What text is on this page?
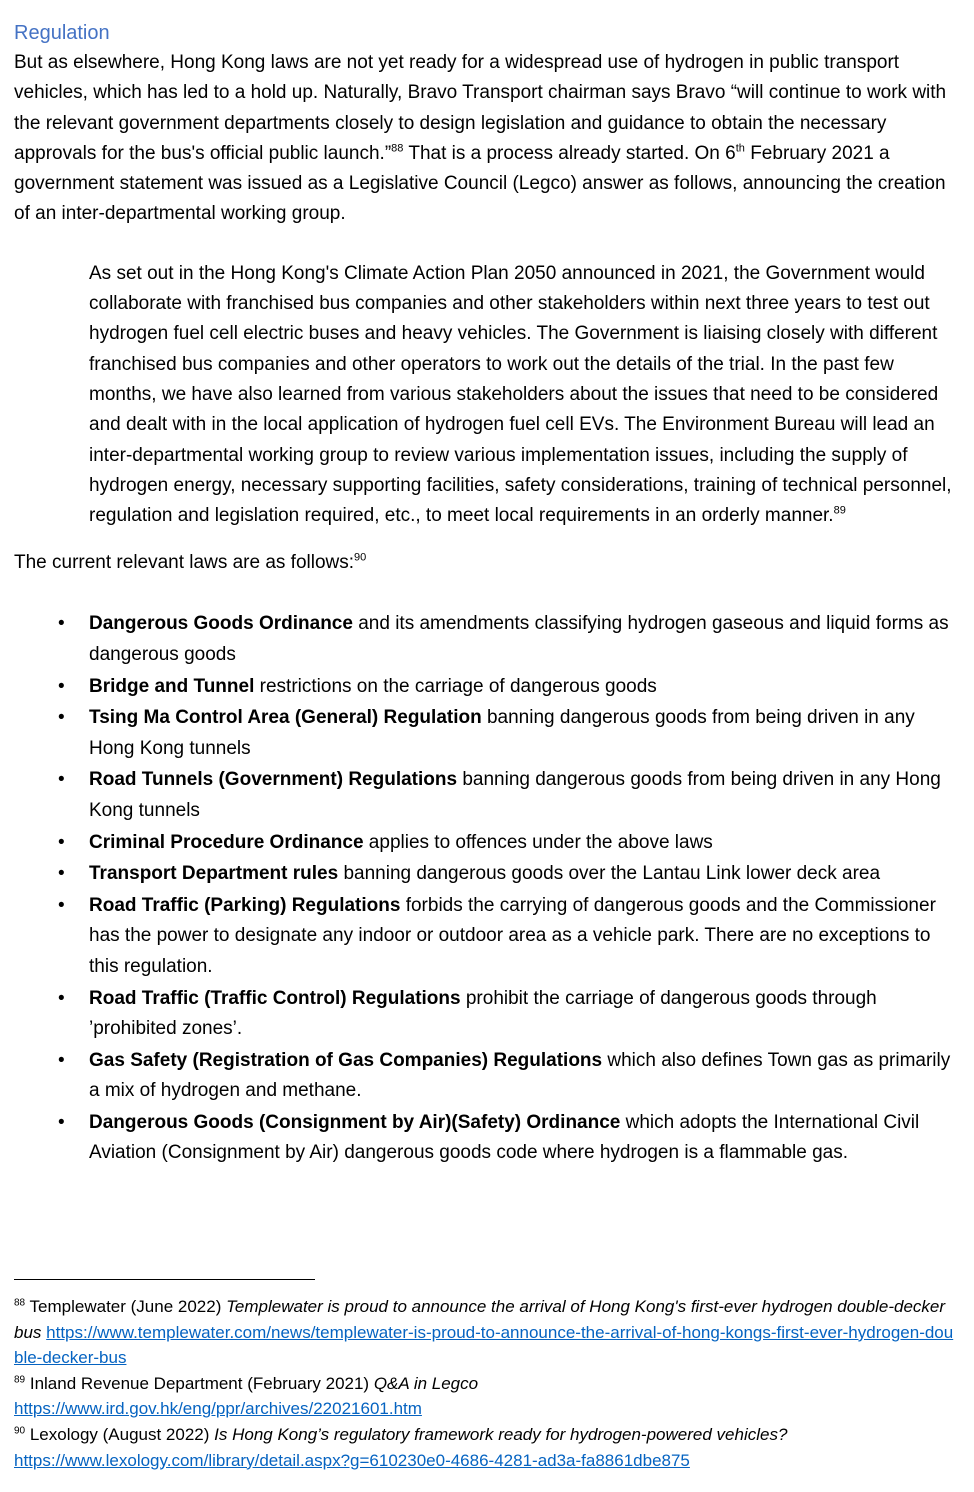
Regulation

But as elsewhere, Hong Kong laws are not yet ready for a widespread use of hydrogen in public transport vehicles, which has led to a hold up. Naturally, Bravo Transport chairman says Bravo “will continue to work with the relevant government departments closely to design legislation and guidance to obtain the necessary approvals for the bus's official public launch.”$^{88}$ That is a process already started. On 6th February 2021 a government statement was issued as a Legislative Council (Legco) answer as follows, announcing the creation of an inter-departmental working group.

As set out in the Hong Kong's Climate Action Plan 2050 announced in 2021, the Government would collaborate with franchised bus companies and other stakeholders within next three years to test out hydrogen fuel cell electric buses and heavy vehicles. The Government is liaising closely with different franchised bus companies and other operators to work out the details of the trial. In the past few months, we have also learned from various stakeholders about the issues that need to be considered and dealt with in the local application of hydrogen fuel cell EVs. The Environment Bureau will lead an inter-departmental working group to review various implementation issues, including the supply of hydrogen energy, necessary supporting facilities, safety considerations, training of technical personnel, regulation and legislation required, etc., to meet local requirements in an orderly manner.$^{89}$

The current relevant laws are as follows:$^{90}$

• Dangerous Goods Ordinance and its amendments classifying hydrogen gaseous and liquid forms as dangerous goods
• Bridge and Tunnel restrictions on the carriage of dangerous goods
• Tsing Ma Control Area (General) Regulation banning dangerous goods from being driven in any Hong Kong tunnels
• Road Tunnels (Government) Regulations banning dangerous goods from being driven in any Hong Kong tunnels
• Criminal Procedure Ordinance applies to offences under the above laws
• Transport Department rules banning dangerous goods over the Lantau Link lower deck area
• Road Traffic (Parking) Regulations forbids the carrying of dangerous goods and the Commissioner has the power to designate any indoor or outdoor area as a vehicle park. There are no exceptions to this regulation.
• Road Traffic (Traffic Control) Regulations prohibit the carriage of dangerous goods through ’prohibited zones’.
• Gas Safety (Registration of Gas Companies) Regulations which also defines Town gas as primarily a mix of hydrogen and methane.
• Dangerous Goods (Consignment by Air)(Safety) Ordinance which adopts the International Civil Aviation (Consignment by Air) dangerous goods code where hydrogen is a flammable gas.

$^{88}$ Templewater (June 2022) Templewater is proud to announce the arrival of Hong Kong's first-ever hydrogen double-decker bus https://www.templewater.com/news/templewater-is-proud-to-announce-the-arrival-of-hong-kongs-first-ever-hydrogen-double-decker-bus

$^{89}$ Inland Revenue Department (February 2021) Q&A in Legco
https://www.ird.gov.hk/eng/ppr/archives/22021601.htm

$^{90}$ Lexology (August 2022) Is Hong Kong’s regulatory framework ready for hydrogen-powered vehicles?
https://www.lexology.com/library/detail.aspx?g=610230e0-4686-4281-ad3a-fa8861dbe875
